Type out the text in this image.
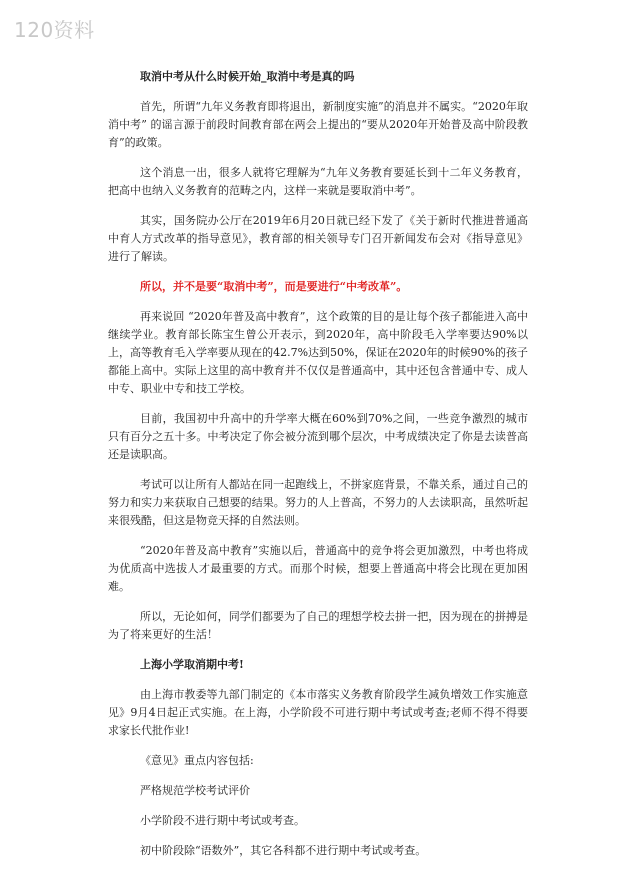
120资料
取消中考从什么时候开始_取消中考是真的吗

首先，所谓“九年义务教育即将退出，新制度实施”的消息并不属实。“2020年取消中考” 的谣言源于前段时间教育部在两会上提出的“要从2020年开始普及高中阶段教育”的政策。

这个消息一出，很多人就将它理解为“九年义务教育要延长到十二年义务教育，把高中也纳入义务教育的范畴之内，这样一来就是要取消中考”。

其实，国务院办公厅在2019年6月20日就已经下发了《关于新时代推进普通高中育人方式改革的指导意见》，教育部的相关领导专门召开新闻发布会对《指导意见》进行了解读。

所以，并不是要“取消中考”，而是要进行“中考改革”。

再来说回 “2020年普及高中教育”，这个政策的目的是让每个孩子都能进入高中继续学业。教育部长陈宝生曾公开表示，到2020年，高中阶段毛入学率要达90%以上，高等教育毛入学率要从现在的42.7%达到50%，保证在2020年的时候90%的孩子都能上高中。实际上这里的高中教育并不仅仅是普通高中，其中还包含普通中专、成人中专、职业中专和技工学校。

目前，我国初中升高中的升学率大概在60%到70%之间，一些竞争激烈的城市只有百分之五十多。中考决定了你会被分流到哪个层次，中考成绩决定了你是去读普高还是读职高。

考试可以让所有人都站在同一起跑线上，不拼家庭背景，不靠关系，通过自己的努力和实力来获取自己想要的结果。努力的人上普高，不努力的人去读职高，虽然听起来很残酷，但这是物竞天择的自然法则。

“2020年普及高中教育”实施以后，普通高中的竞争将会更加激烈，中考也将成为优质高中选拔人才最重要的方式。而那个时候，想要上普通高中将会比现在更加困难。

所以，无论如何，同学们都要为了自己的理想学校去拼一把，因为现在的拼搏是为了将来更好的生活！

上海小学取消期中考!

由上海市教委等九部门制定的《本市落实义务教育阶段学生减负增效工作实施意见》9月4日起正式实施。在上海，小学阶段不可进行期中考试或考查;老师不得不得要求家长代批作业!

《意见》重点内容包括:
严格规范学校考试评价
小学阶段不进行期中考试或考查。
初中阶段除“语数外”，其它各科都不进行期中考试或考查。
